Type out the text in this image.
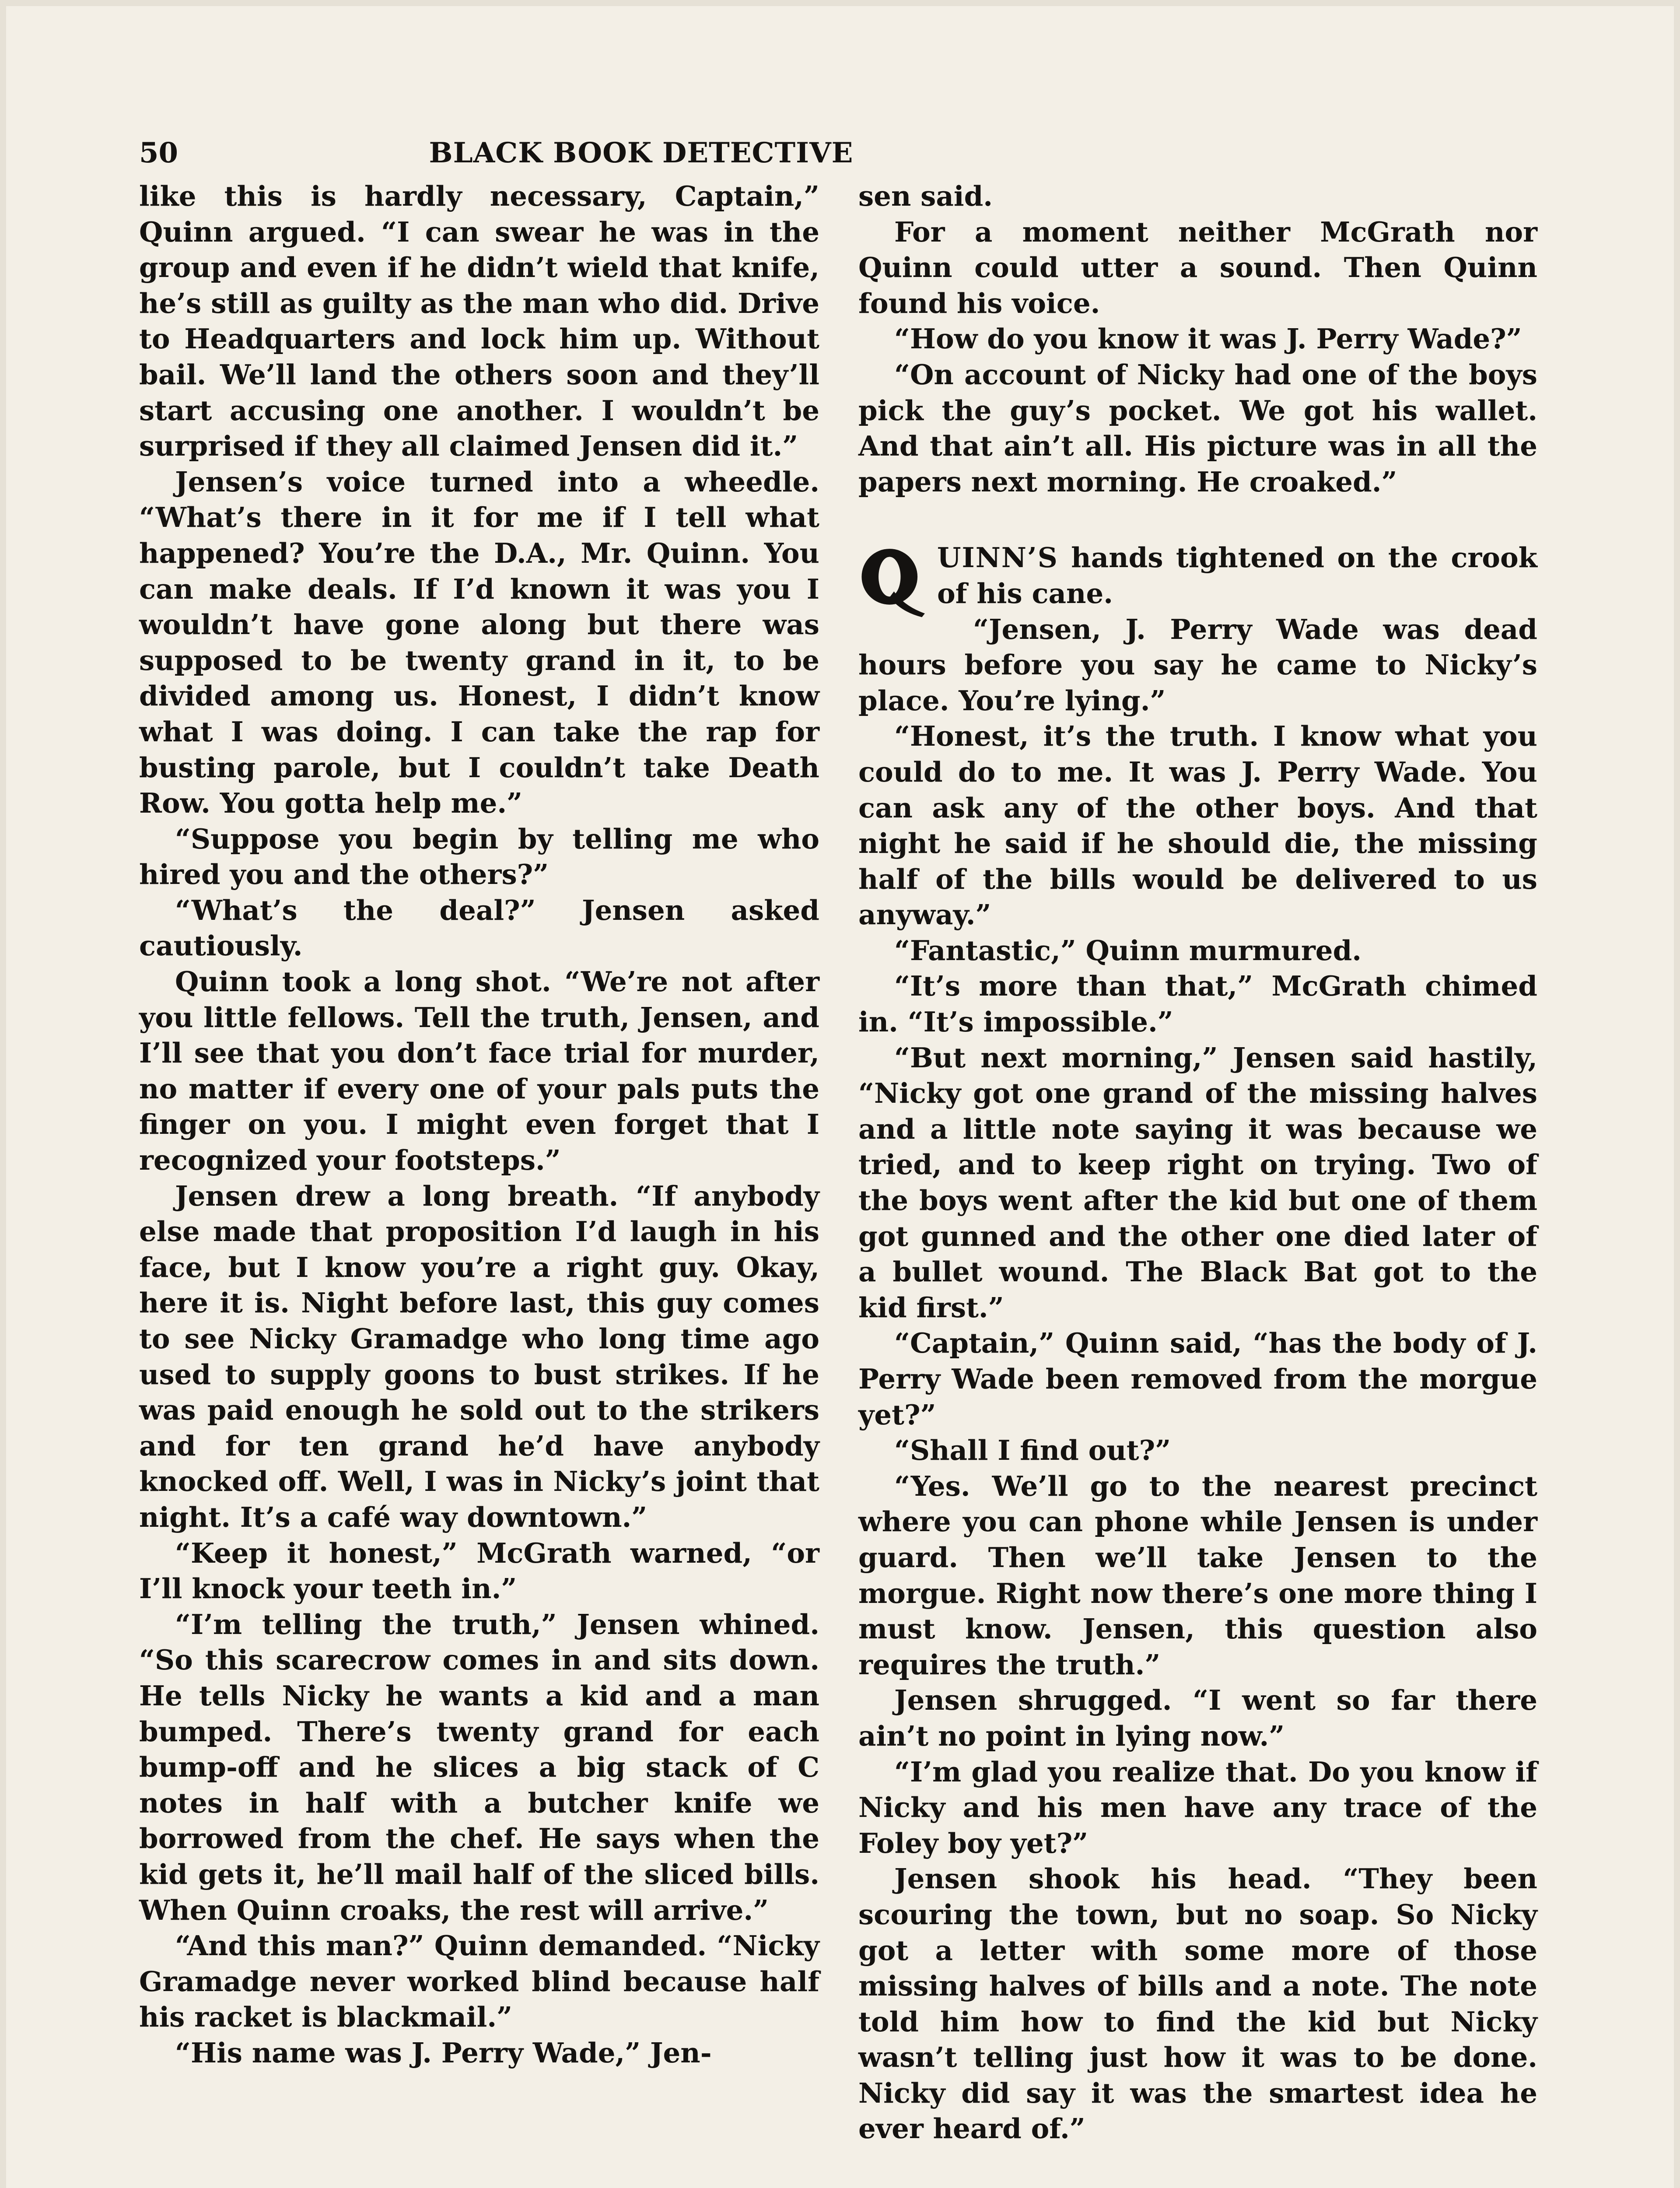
50	BLACK BOOK DETECTIVE

like this is hardly necessary, Captain,” Quinn argued. “I can swear he was in the group and even if he didn’t wield that knife, he’s still as guilty as the man who did. Drive to Headquarters and lock him up. Without bail. We’ll land the others soon and they’ll start accusing one another. I wouldn’t be surprised if they all claimed Jensen did it.”

Jensen’s voice turned into a wheedle. “What’s there in it for me if I tell what happened? You’re the D.A., Mr. Quinn. You can make deals. If I’d known it was you I wouldn’t have gone along but there was supposed to be twenty grand in it, to be divided among us. Honest, I didn’t know what I was doing. I can take the rap for busting parole, but I couldn’t take Death Row. You gotta help me.”

“Suppose you begin by telling me who hired you and the others?”

“What’s the deal?” Jensen asked cautiously.

Quinn took a long shot. “We’re not after you little fellows. Tell the truth, Jensen, and I’ll see that you don’t face trial for murder, no matter if every one of your pals puts the finger on you. I might even forget that I recognized your footsteps.”

Jensen drew a long breath. “If anybody else made that proposition I’d laugh in his face, but I know you’re a right guy. Okay, here it is. Night before last, this guy comes to see Nicky Gramadge who long time ago used to supply goons to bust strikes. If he was paid enough he sold out to the strikers and for ten grand he’d have anybody knocked off. Well, I was in Nicky’s joint that night. It’s a café way downtown.”

“Keep it honest,” McGrath warned, “or I’ll knock your teeth in.”

“I’m telling the truth,” Jensen whined. “So this scarecrow comes in and sits down. He tells Nicky he wants a kid and a man bumped. There’s twenty grand for each bump-off and he slices a big stack of C notes in half with a butcher knife we borrowed from the chef. He says when the kid gets it, he’ll mail half of the sliced bills. When Quinn croaks, the rest will arrive.”

“And this man?” Quinn demanded. “Nicky Gramadge never worked blind because half his racket is blackmail.”

“His name was J. Perry Wade,” Jen-

sen said.

For a moment neither McGrath nor Quinn could utter a sound. Then Quinn found his voice.

“How do you know it was J. Perry Wade?”

“On account of Nicky had one of the boys pick the guy’s pocket. We got his wallet. And that ain’t all. His picture was in all the papers next morning. He croaked.”

UINN’S hands tightened on the crook of his cane.

“Jensen, J. Perry Wade was dead hours before you say he came to Nicky’s place. You’re lying.”

“Honest, it’s the truth. I know what you could do to me. It was J. Perry Wade. You can ask any of the other boys. And that night he said if he should die, the missing half of the bills would be delivered to us anyway.”

“Fantastic,” Quinn murmured.

“It’s more than that,” McGrath chimed in. “It’s impossible.”

“But next morning,” Jensen said hastily, “Nicky got one grand of the missing halves and a little note saying it was because we tried, and to keep right on trying. Two of the boys went after the kid but one of them got gunned and the other one died later of a bullet wound. The Black Bat got to the kid first.”

“Captain,” Quinn said, “has the body of J. Perry Wade been removed from the morgue yet?”

“Shall I find out?”

“Yes. We’ll go to the nearest precinct where you can phone while Jensen is under guard. Then we’ll take Jensen to the morgue. Right now there’s one more thing I must know. Jensen, this question also requires the truth.”

Jensen shrugged. “I went so far there ain’t no point in lying now.”

“I’m glad you realize that. Do you know if Nicky and his men have any trace of the Foley boy yet?”

Jensen shook his head. “They been scouring the town, but no soap. So Nicky got a letter with some more of those missing halves of bills and a note. The note told him how to find the kid but Nicky wasn’t telling just how it was to be done. Nicky did say it was the smartest idea he ever heard of.”
